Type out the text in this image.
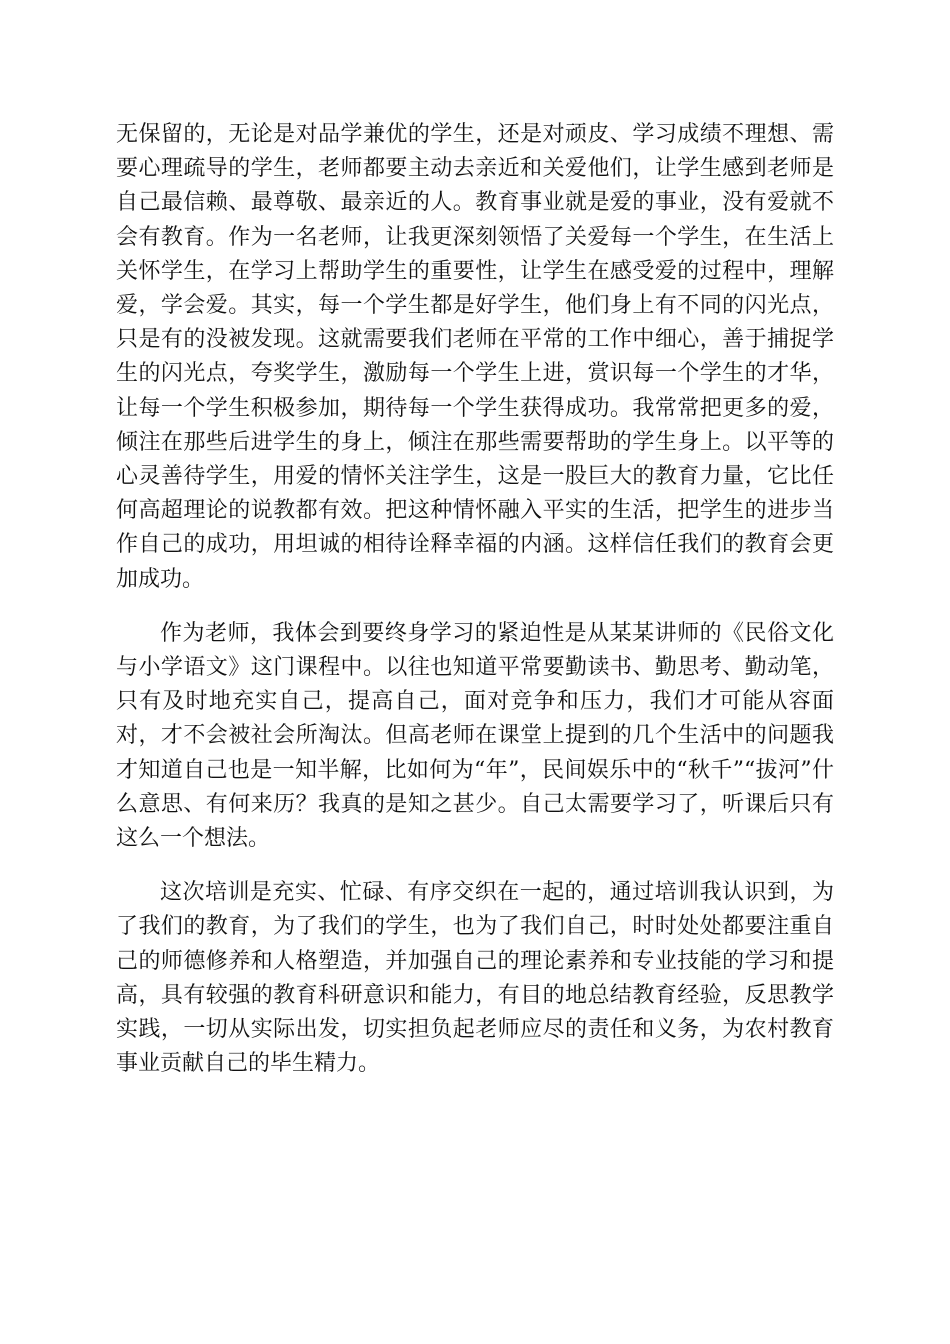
无保留的，无论是对品学兼优的学生，还是对顽皮、学习成绩不理想、需要心理疏导的学生，老师都要主动去亲近和关爱他们，让学生感到老师是自己最信赖、最尊敬、最亲近的人。教育事业就是爱的事业，没有爱就不会有教育。作为一名老师，让我更深刻领悟了关爱每一个学生，在生活上关怀学生，在学习上帮助学生的重要性，让学生在感受爱的过程中，理解爱，学会爱。其实，每一个学生都是好学生，他们身上有不同的闪光点，只是有的没被发现。这就需要我们老师在平常的工作中细心，善于捕捉学生的闪光点，夸奖学生，激励每一个学生上进，赏识每一个学生的才华，让每一个学生积极参加，期待每一个学生获得成功。我常常把更多的爱，倾注在那些后进学生的身上，倾注在那些需要帮助的学生身上。以平等的心灵善待学生，用爱的情怀关注学生，这是一股巨大的教育力量，它比任何高超理论的说教都有效。把这种情怀融入平实的生活，把学生的进步当作自己的成功，用坦诚的相待诠释幸福的内涵。这样信任我们的教育会更加成功。

作为老师，我体会到要终身学习的紧迫性是从某某讲师的《民俗文化与小学语文》这门课程中。以往也知道平常要勤读书、勤思考、勤动笔，只有及时地充实自己，提高自己，面对竞争和压力，我们才可能从容面对，才不会被社会所淘汰。但高老师在课堂上提到的几个生活中的问题我才知道自己也是一知半解，比如何为“年”，民间娱乐中的“秋千”“拔河”什么意思、有何来历？我真的是知之甚少。自己太需要学习了，听课后只有这么一个想法。

这次培训是充实、忙碌、有序交织在一起的，通过培训我认识到，为了我们的教育，为了我们的学生，也为了我们自己，时时处处都要注重自己的师德修养和人格塑造，并加强自己的理论素养和专业技能的学习和提高，具有较强的教育科研意识和能力，有目的地总结教育经验，反思教学实践，一切从实际出发，切实担负起老师应尽的责任和义务，为农村教育事业贡献自己的毕生精力。
